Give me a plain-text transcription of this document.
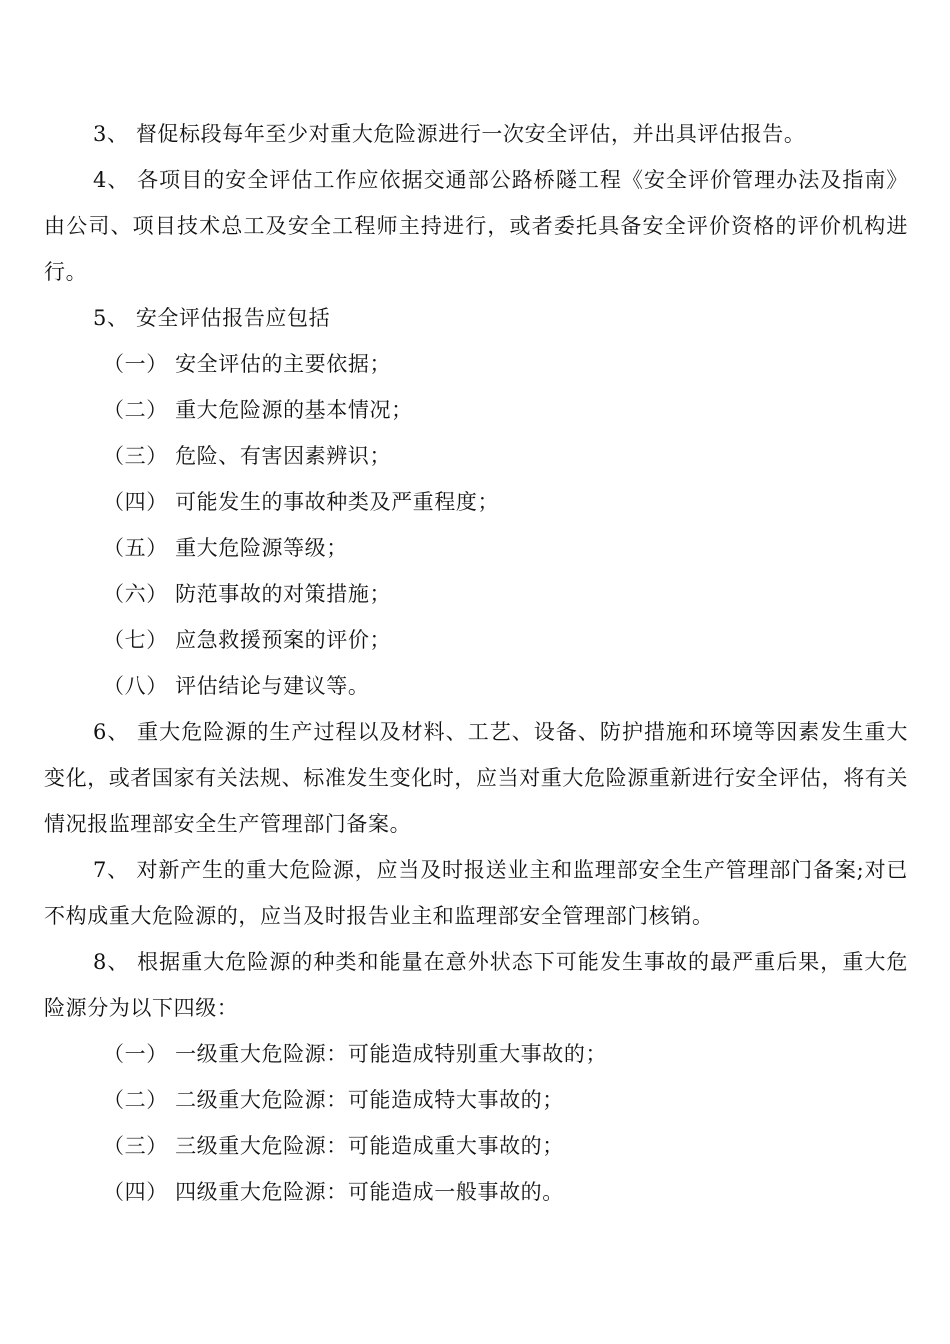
3、 督促标段每年至少对重大危险源进行一次安全评估，并出具评估报告。

4、 各项目的安全评估工作应依据交通部公路桥隧工程《安全评价管理办法及指南》由公司、项目技术总工及安全工程师主持进行，或者委托具备安全评价资格的评价机构进行。

5、 安全评估报告应包括

（一） 安全评估的主要依据；

（二） 重大危险源的基本情况；

（三） 危险、有害因素辨识；

（四） 可能发生的事故种类及严重程度；

（五） 重大危险源等级；

（六） 防范事故的对策措施；

（七） 应急救援预案的评价；

（八） 评估结论与建议等。

6、 重大危险源的生产过程以及材料、工艺、设备、防护措施和环境等因素发生重大变化，或者国家有关法规、标准发生变化时，应当对重大危险源重新进行安全评估，将有关情况报监理部安全生产管理部门备案。

7、 对新产生的重大危险源，应当及时报送业主和监理部安全生产管理部门备案;对已不构成重大危险源的，应当及时报告业主和监理部安全管理部门核销。

8、 根据重大危险源的种类和能量在意外状态下可能发生事故的最严重后果，重大危险源分为以下四级：

（一） 一级重大危险源：可能造成特别重大事故的；

（二） 二级重大危险源：可能造成特大事故的；

（三） 三级重大危险源：可能造成重大事故的；

（四） 四级重大危险源：可能造成一般事故的。
